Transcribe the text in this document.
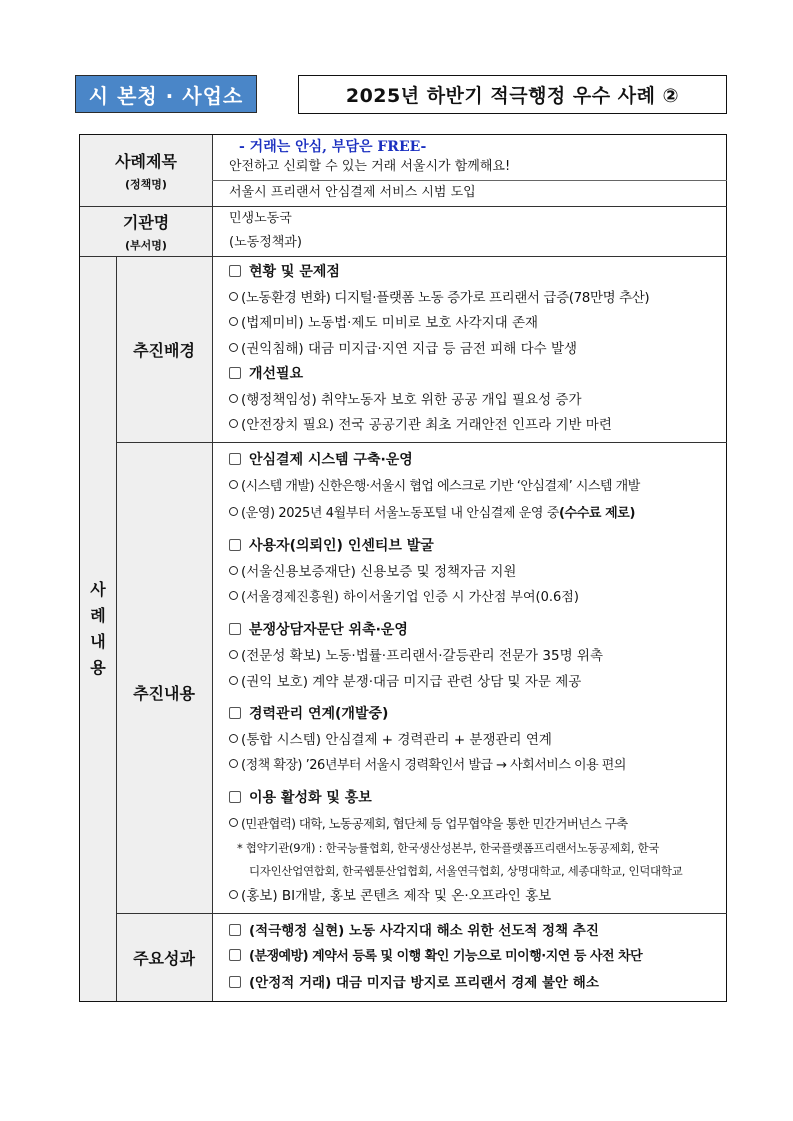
시 본청 · 사업소	2025년 하반기 적극행정 우수 사례 ②
사례제목
(정책명)
기관명
(부서명)
사
례
내
용
추진배경
추진내용
주요성과
- 거래는 안심, 부담은 FREE-
안전하고 신뢰할 수 있는 거래 서울시가 함께해요!
서울시 프리랜서 안심결제 서비스 시범 도입
민생노동국
(노동정책과)
현황 및 문제점
(노동환경 변화) 디지털·플랫폼 노동 증가로 프리랜서 급증(78만명 추산)
(법제미비) 노동법·제도 미비로 보호 사각지대 존재
(권익침해) 대금 미지급·지연 지급 등 금전 피해 다수 발생
개선필요
(행정책임성) 취약노동자 보호 위한 공공 개입 필요성 증가
(안전장치 필요) 전국 공공기관 최초 거래안전 인프라 기반 마련
안심결제 시스템 구축·운영
(시스템 개발) 신한은행·서울시 협업 에스크로 기반 ‘안심결제’ 시스템 개발
(운영) 2025년 4월부터 서울노동포털 내 안심결제 운영 중(수수료 제로)
사용자(의뢰인) 인센티브 발굴
(서울신용보증재단) 신용보증 및 정책자금 지원
(서울경제진흥원) 하이서울기업 인증 시 가산점 부여(0.6점)
분쟁상담자문단 위촉·운영
(전문성 확보) 노동·법률·프리랜서·갈등관리 전문가 35명 위촉
(권익 보호) 계약 분쟁·대금 미지급 관련 상담 및 자문 제공
경력관리 연계(개발중)
(통합 시스템) 안심결제 + 경력관리 + 분쟁관리 연계
(정책 확장) ’26년부터 서울시 경력확인서 발급 → 사회서비스 이용 편의
이용 활성화 및 홍보
(민관협력) 대학, 노동공제회, 협단체 등 업무협약을 통한 민간거버넌스 구축
* 협약기관(9개) : 한국능률협회, 한국생산성본부, 한국플랫폼프리랜서노동공제회, 한국
디자인산업연합회, 한국웹툰산업협회, 서울연극협회, 상명대학교, 세종대학교, 인덕대학교
(홍보) BI개발, 홍보 콘텐츠 제작 및 온·오프라인 홍보
(적극행정 실현) 노동 사각지대 해소 위한 선도적 정책 추진
(분쟁예방) 계약서 등록 및 이행 확인 기능으로 미이행·지연 등 사전 차단
(안정적 거래) 대금 미지급 방지로 프리랜서 경제 불안 해소
